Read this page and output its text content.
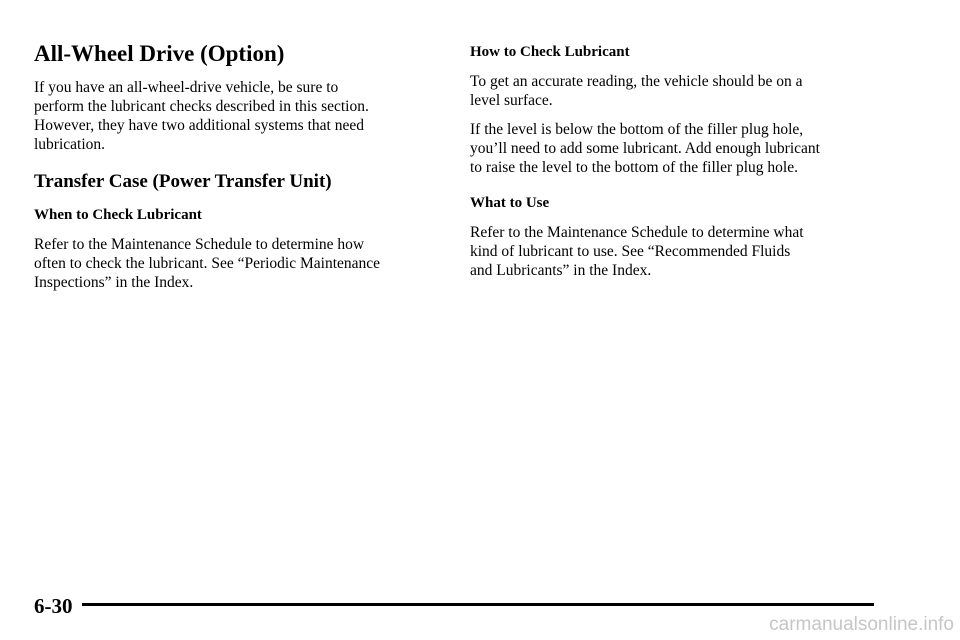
All-Wheel Drive (Option)
If you have an all-wheel-drive vehicle, be sure to
perform the lubricant checks described in this section.
However, they have two additional systems that need
lubrication.
Transfer Case (Power Transfer Unit)
When to Check Lubricant
Refer to the Maintenance Schedule to determine how
often to check the lubricant. See “Periodic Maintenance
Inspections” in the Index.
How to Check Lubricant
To get an accurate reading, the vehicle should be on a
level surface.
If the level is below the bottom of the filler plug hole,
you’ll need to add some lubricant. Add enough lubricant
to raise the level to the bottom of the filler plug hole.
What to Use
Refer to the Maintenance Schedule to determine what
kind of lubricant to use. See “Recommended Fluids
and Lubricants” in the Index.
6-30
carmanualsonline.info
